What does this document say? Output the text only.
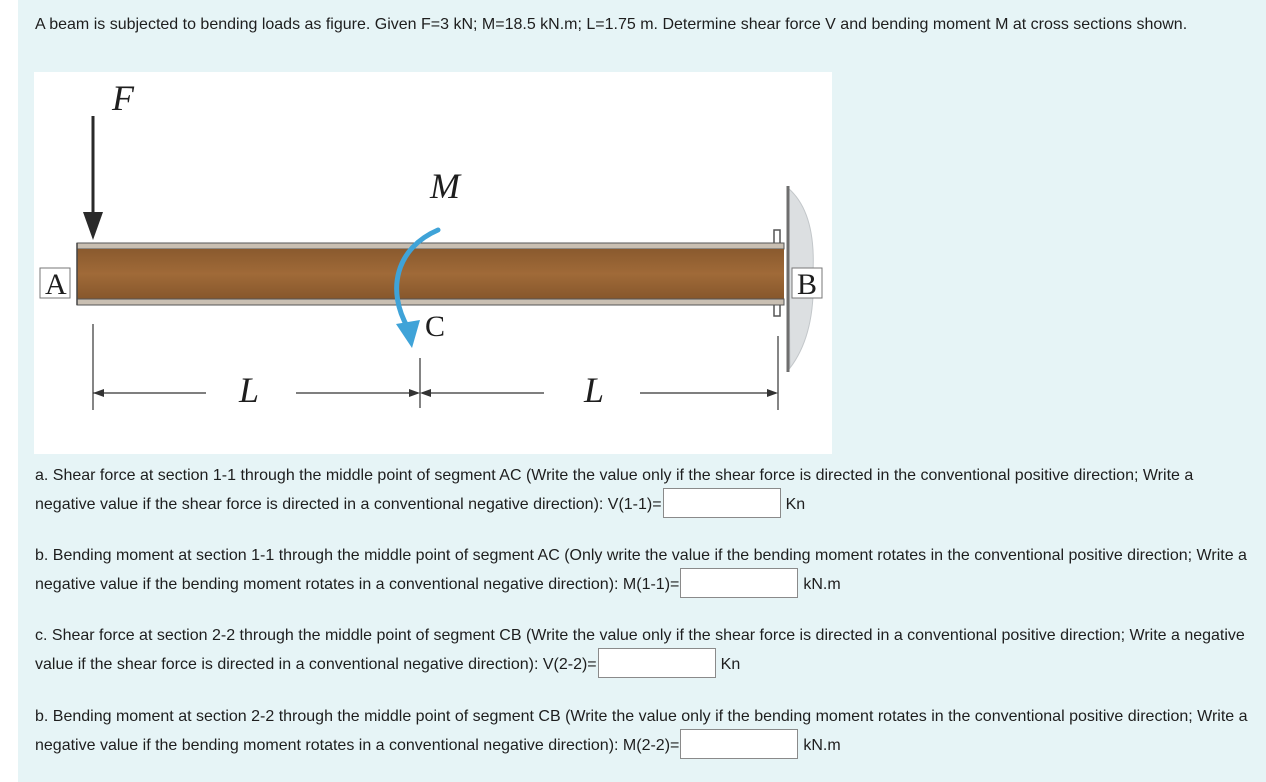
A beam is subjected to bending loads as figure. Given F=3 kN; M=18.5 kN.m; L=1.75 m. Determine shear force V and bending moment M at cross sections shown.
F
M
A	B
C
L	L
a. Shear force at section 1-1 through the middle point of segment AC (Write the value only if the shear force is directed in the conventional positive direction; Write a negative value if the shear force is directed in a conventional negative direction): V(1-1)=	Kn
b. Bending moment at section 1-1 through the middle point of segment AC (Only write the value if the bending moment rotates in the conventional positive direction; Write a negative value if the bending moment rotates in a conventional negative direction): M(1-1)=	kN.m
c. Shear force at section 2-2 through the middle point of segment CB (Write the value only if the shear force is directed in a conventional positive direction; Write a negative value if the shear force is directed in a conventional negative direction): V(2-2)=	Kn
b. Bending moment at section 2-2 through the middle point of segment CB (Write the value only if the bending moment rotates in the conventional positive direction; Write a negative value if the bending moment rotates in a conventional negative direction): M(2-2)=	kN.m
